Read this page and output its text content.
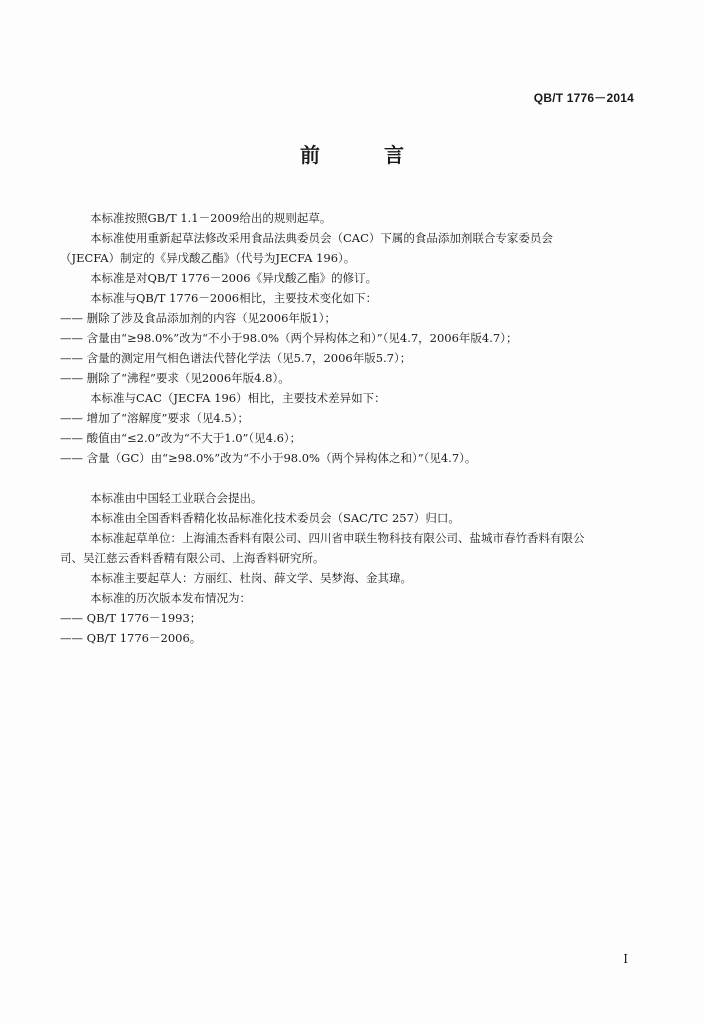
QB/T 1776－2014
前　言

本标准按照GB/T 1.1－2009给出的规则起草。

本标准使用重新起草法修改采用食品法典委员会（CAC）下属的食品添加剂联合专家委员会

（JECFA）制定的《异戊酸乙酯》（代号为JECFA 196）。

本标准是对QB/T 1776－2006《异戊酸乙酯》的修订。

本标准与QB/T 1776－2006相比，主要技术变化如下：

—— 删除了涉及食品添加剂的内容（见2006年版1）；

—— 含量由“≥98.0%”改为“不小于98.0%（两个异构体之和）”（见4.7，2006年版4.7）；

—— 含量的测定用气相色谱法代替化学法（见5.7，2006年版5.7）；

—— 删除了“沸程”要求（见2006年版4.8）。

本标准与CAC（JECFA 196）相比，主要技术差异如下：

—— 增加了“溶解度”要求（见4.5）；

—— 酸值由“≤2.0”改为“不大于1.0”（见4.6）；

—— 含量（GC）由“≥98.0%”改为“不小于98.0%（两个异构体之和）”（见4.7）。

本标准由中国轻工业联合会提出。

本标准由全国香料香精化妆品标准化技术委员会（SAC/TC 257）归口。

本标准起草单位：上海浦杰香料有限公司、四川省申联生物科技有限公司、盐城市春竹香料有限公

司、吴江慈云香料香精有限公司、上海香料研究所。

本标准主要起草人：方丽红、杜岗、薛文学、吴梦海、金其瑋。

本标准的历次版本发布情况为：

—— QB/T 1776－1993；

—— QB/T 1776－2006。

I
